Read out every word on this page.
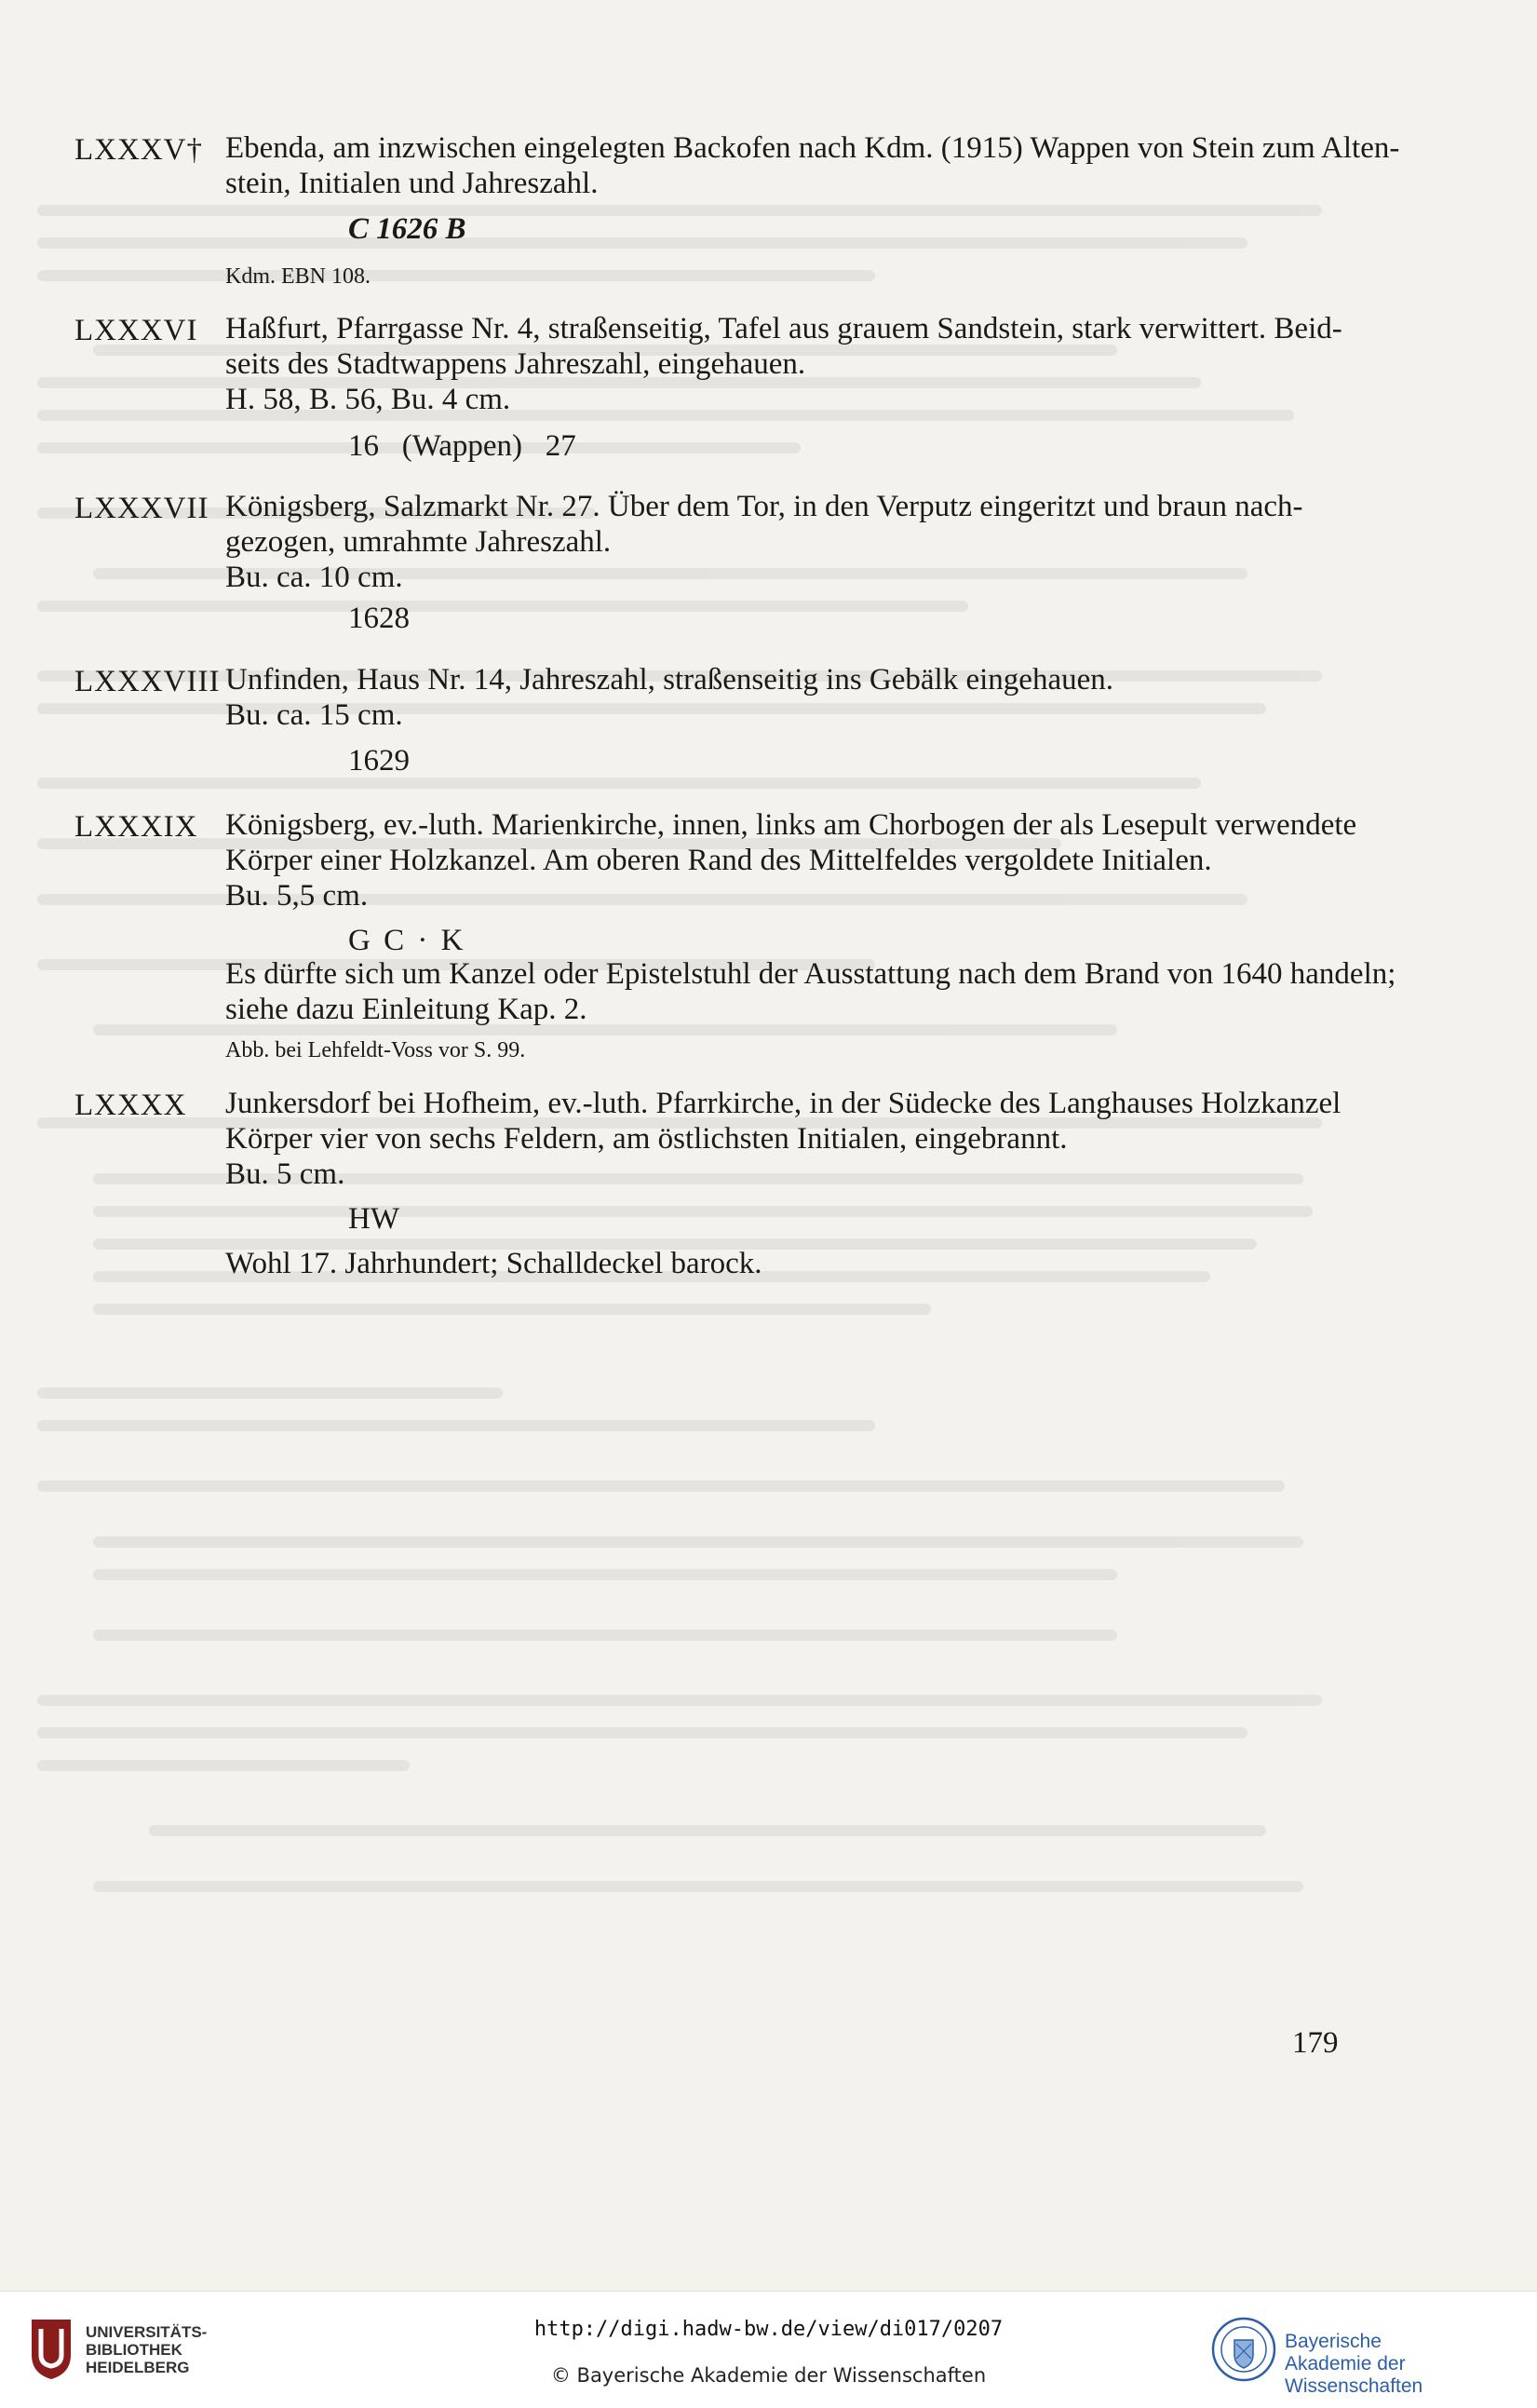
LXXXV† Ebenda, am inzwischen eingelegten Backofen nach Kdm. (1915) Wappen von Stein zum Alten-
stein, Initialen und Jahreszahl.
C 1626 B
Kdm. EBN 108.
LXXXVI Haßfurt, Pfarrgasse Nr. 4, straßenseitig, Tafel aus grauem Sandstein, stark verwittert. Beid-
seits des Stadtwappens Jahreszahl, eingehauen.
H. 58, B. 56, Bu. 4 cm.
16   (Wappen)   27
LXXXVII Königsberg, Salzmarkt Nr. 27. Über dem Tor, in den Verputz eingeritzt und braun nach-
gezogen, umrahmte Jahreszahl.
Bu. ca. 10 cm.
1628
LXXXVIII Unfinden, Haus Nr. 14, Jahreszahl, straßenseitig ins Gebälk eingehauen.
Bu. ca. 15 cm.
1629
LXXXIX Königsberg, ev.-luth. Marienkirche, innen, links am Chorbogen der als Lesepult verwendete
Körper einer Holzkanzel. Am oberen Rand des Mittelfeldes vergoldete Initialen.
Bu. 5,5 cm.
G C · K
Es dürfte sich um Kanzel oder Epistelstuhl der Ausstattung nach dem Brand von 1640 handeln;
siehe dazu Einleitung Kap. 2.
Abb. bei Lehfeldt-Voss vor S. 99.
LXXXX Junkersdorf bei Hofheim, ev.-luth. Pfarrkirche, in der Südecke des Langhauses Holzkanzel
Körper vier von sechs Feldern, am östlichsten Initialen, eingebrannt.
Bu. 5 cm.
HW
Wohl 17. Jahrhundert; Schalldeckel barock.
179
UNIVERSITÄTS-
BIBLIOTHEK
HEIDELBERG
http://digi.hadw-bw.de/view/di017/0207
© Bayerische Akademie der Wissenschaften
Bayerische
Akademie der Wissenschaften
